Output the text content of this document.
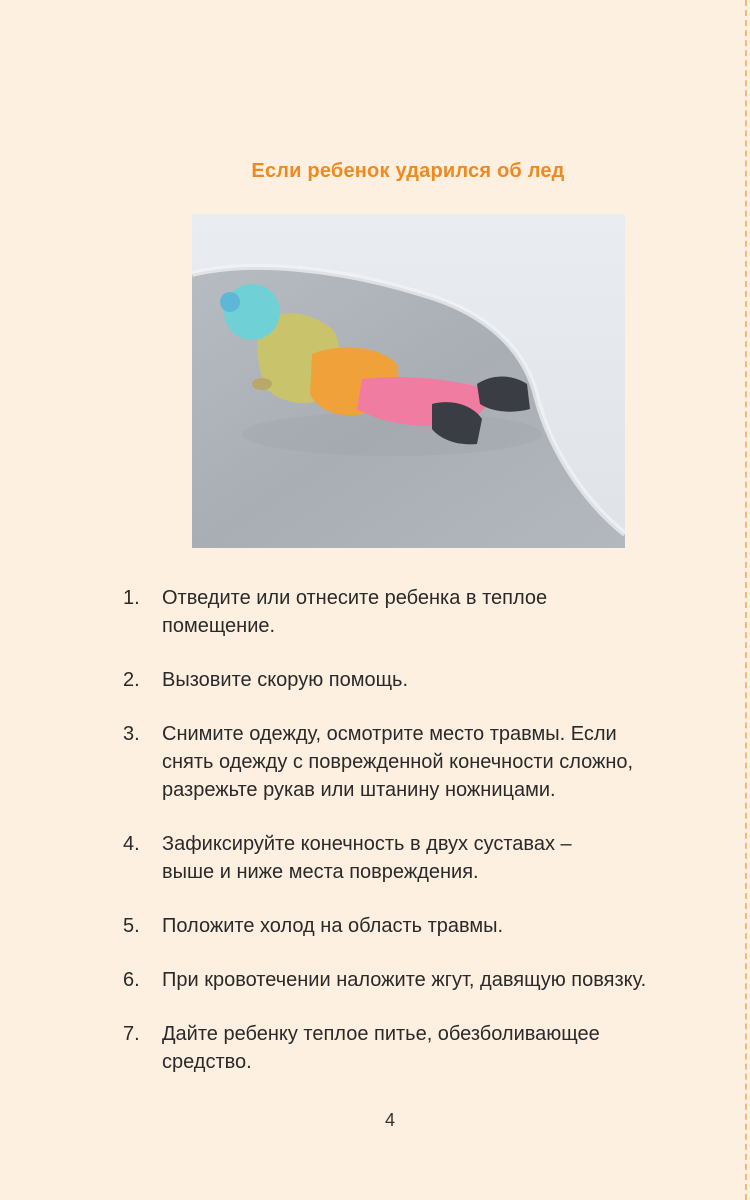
Если ребенок ударился об лед
1.	Отведите или отнесите ребенка в теплое
помещение.
2.	Вызовите скорую помощь.
3.	Снимите одежду, осмотрите место травмы. Если
снять одежду с поврежденной конечности сложно,
разрежьте рукав или штанину ножницами.
4.	Зафиксируйте конечность в двух суставах –
выше и ниже места повреждения.
5.	Положите холод на область травмы.
6.	При кровотечении наложите жгут, давящую повязку.
7.	Дайте ребенку теплое питье, обезболивающее
средство.
4
